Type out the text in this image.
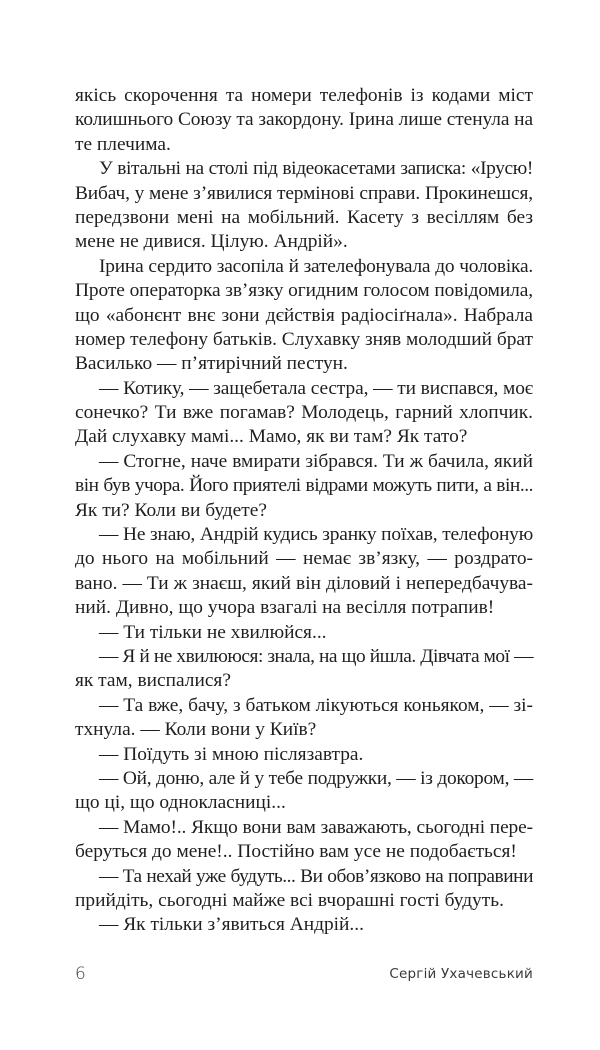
якісь скорочення та номери телефонів із кодами міст
колишнього Союзу та закордону. Ірина лише стенула на
те плечима.
У вітальні на столі під відеокасетами записка: «Ірусю!
Вибач, у мене з’явилися термінові справи. Прокинешся,
передзвони мені на мобільний. Касету з весіллям без
мене не дивися. Цілую. Андрій».
Ірина сердито засопіла й зателефонувала до чоловіка.
Проте операторка зв’язку огидним голосом повідомила,
що «абонєнт внє зони дєйствія радіосіґнала». Набрала
номер телефону батьків. Слухавку зняв молодший брат
Василько — п’ятирічний пестун.
— Котику, — защебетала сестра, — ти виспався, моє
сонечко? Ти вже погамав? Молодець, гарний хлопчик.
Дай слухавку мамі... Мамо, як ви там? Як тато?
— Стогне, наче вмирати зібрався. Ти ж бачила, який
він був учора. Його приятелі відрами можуть пити, а він...
Як ти? Коли ви будете?
— Не знаю, Андрій кудись зранку поїхав, телефоную
до нього на мобільний — немає зв’язку, — роздрато-
вано. — Ти ж знаєш, який він діловий і непередбачува-
ний. Дивно, що учора взагалі на весілля потрапив!
— Ти тільки не хвилюйся...
— Я й не хвилююся: знала, на що йшла. Дівчата мої —
як там, виспалися?
— Та вже, бачу, з батьком лікуються коньяком, — зі-
тхнула. — Коли вони у Київ?
— Поїдуть зі мною післязавтра.
— Ой, доню, але й у тебе подружки, — із докором, —
що ці, що однокласниці...
— Мамо!.. Якщо вони вам заважають, сьогодні пере-
беруться до мене!.. Постійно вам усе не подобається!
— Та нехай уже будуть... Ви обов’язково на поправини
прийдіть, сьогодні майже всі вчорашні гості будуть.
— Як тільки з’явиться Андрій...
6	Сергій Ухачевський
